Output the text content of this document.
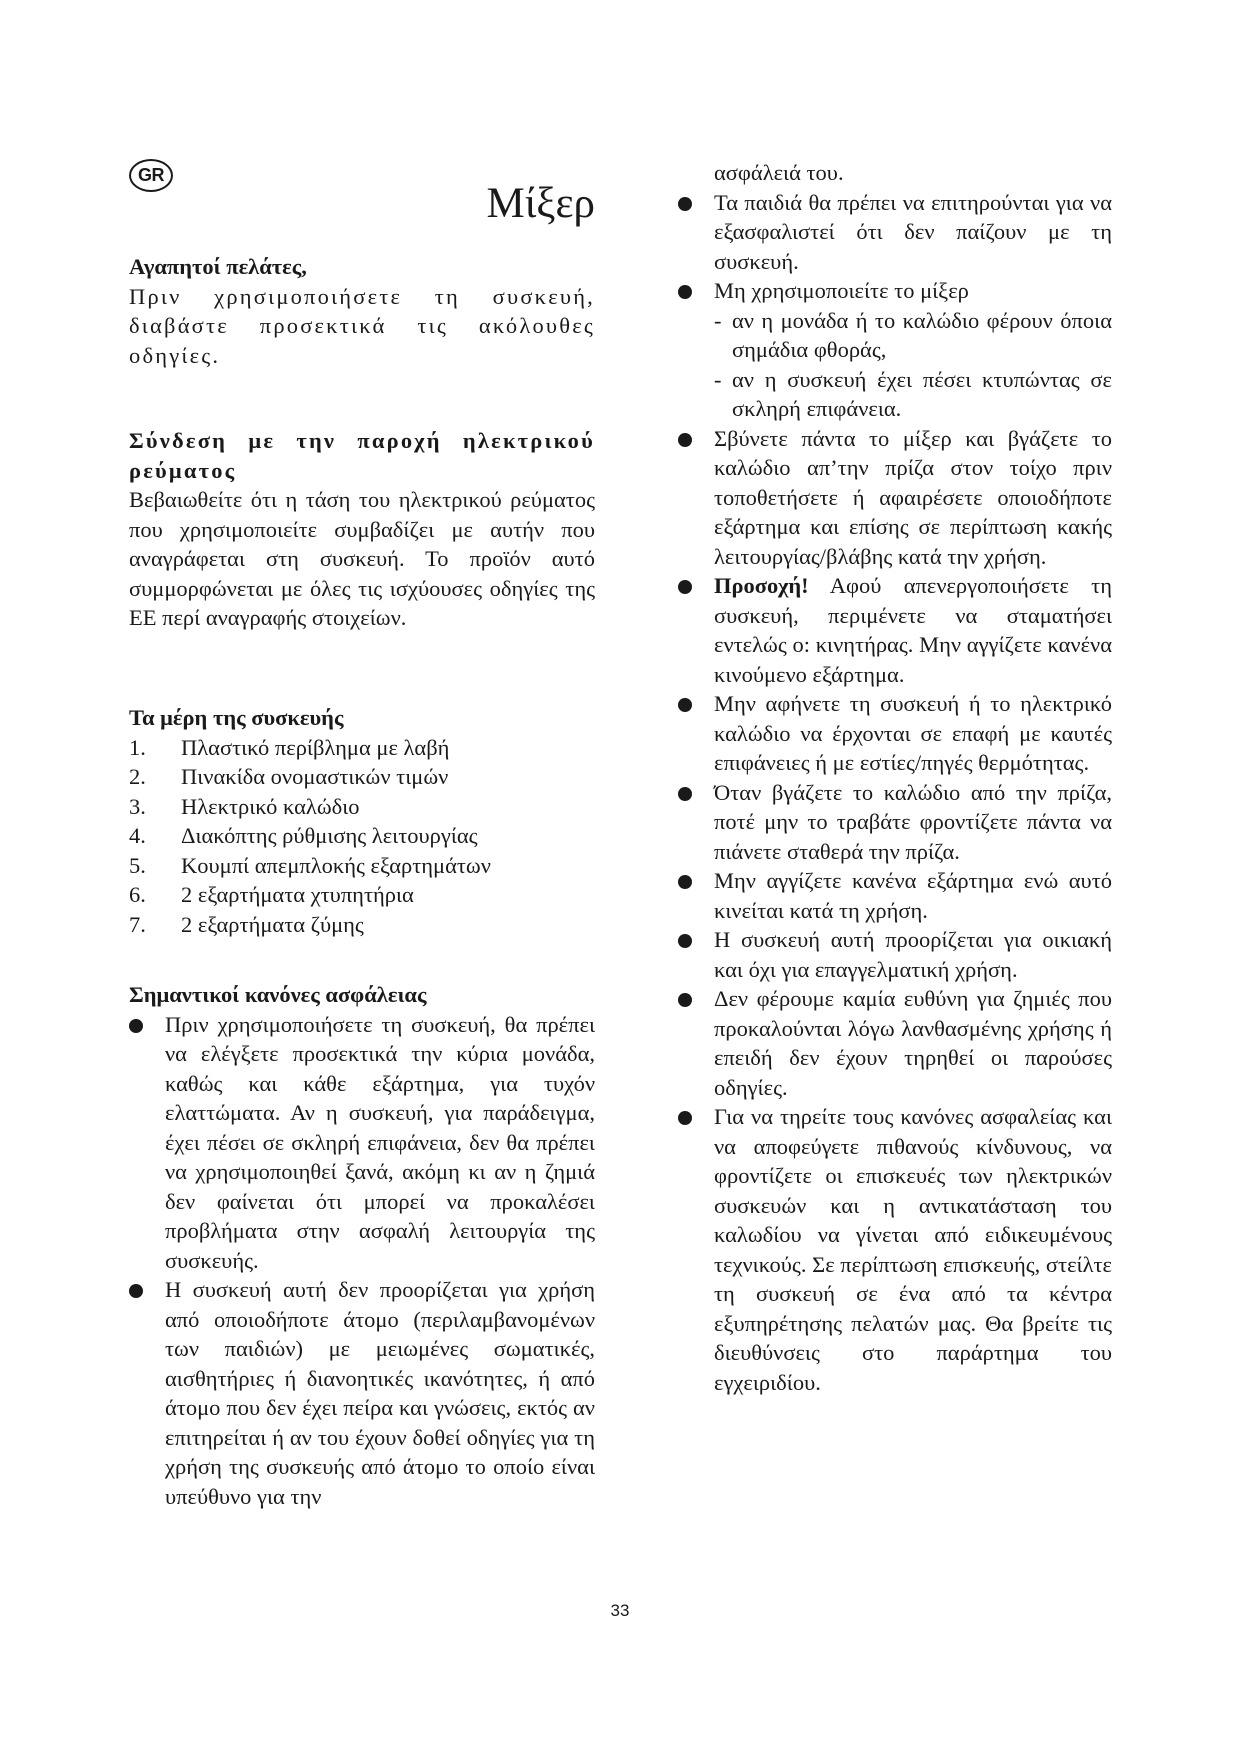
GR
Μίξερ

Αγαπητοί πελάτες,

Πριν χρησιμοποιήσετε τη συσκευή, διαβάστε προσεκτικά τις ακόλουθες οδηγίες.

Σύνδεση με την παροχή ηλεκτρικού ρεύματος

Βεβαιωθείτε ότι η τάση του ηλεκτρικού ρεύματος που χρησιμοποιείτε συμβαδίζει με αυτήν που αναγράφεται στη συσκευή. Το προϊόν αυτό συμμορφώνεται με όλες τις ισχύουσες οδηγίες της ΕΕ περί αναγραφής στοιχείων.

Τα μέρη της συσκευής

1. Πλαστικό περίβλημα με λαβή
2. Πινακίδα ονομαστικών τιμών
3. Ηλεκτρικό καλώδιο
4. Διακόπτης ρύθμισης λειτουργίας
5. Κουμπί απεμπλοκής εξαρτημάτων
6. 2 εξαρτήματα χτυπητήρια
7. 2 εξαρτήματα ζύμης

Σημαντικοί κανόνες ασφάλειας

Πριν χρησιμοποιήσετε τη συσκευή, θα πρέπει να ελέγξετε προσεκτικά την κύρια μονάδα, καθώς και κάθε εξάρτημα, για τυχόν ελαττώματα. Αν η συσκευή, για παράδειγμα, έχει πέσει σε σκληρή επιφάνεια, δεν θα πρέπει να χρησιμοποιηθεί ξανά, ακόμη κι αν η ζημιά δεν φαίνεται ότι μπορεί να προκαλέσει προβλήματα στην ασφαλή λειτουργία της συσκευής.
Η συσκευή αυτή δεν προορίζεται για χρήση από οποιοδήποτε άτομο (περιλαμβανομένων των παιδιών) με μειωμένες σωματικές, αισθητήριες ή διανοητικές ικανότητες, ή από άτομο που δεν έχει πείρα και γνώσεις, εκτός αν επιτηρείται ή αν του έχουν δοθεί οδηγίες για τη χρήση της συσκευής από άτομο το οποίο είναι υπεύθυνο για την
ασφάλειά του.
Τα παιδιά θα πρέπει να επιτηρούνται για να εξασφαλιστεί ότι δεν παίζουν με τη συσκευή.
Μη χρησιμοποιείτε το μίξερ
- αν η μονάδα ή το καλώδιο φέρουν όποια σημάδια φθοράς,
- αν η συσκευή έχει πέσει κτυπώντας σε σκληρή επιφάνεια.
Σβύνετε πάντα το μίξερ και βγάζετε το καλώδιο απ’την πρίζα στον τοίχο πριν τοποθετήσετε ή αφαιρέσετε οποιοδήποτε εξάρτημα και επίσης σε περίπτωση κακής λειτουργίας/βλάβης κατά την χρήση.
Προσοχή! Αφού απενεργοποιήσετε τη συσκευή, περιμένετε να σταματήσει εντελώς ο: κινητήρας. Μην αγγίζετε κανένα κινούμενο εξάρτημα.
Μην αφήνετε τη συσκευή ή το ηλεκτρικό καλώδιο να έρχονται σε επαφή με καυτές επιφάνειες ή με εστίες/πηγές θερμότητας.
Όταν βγάζετε το καλώδιο από την πρίζα, ποτέ μην το τραβάτε φροντίζετε πάντα να πιάνετε σταθερά την πρίζα.
Μην αγγίζετε κανένα εξάρτημα ενώ αυτό κινείται κατά τη χρήση.
Η συσκευή αυτή προορίζεται για οικιακή και όχι για επαγγελματική χρήση.
Δεν φέρουμε καμία ευθύνη για ζημιές που προκαλούνται λόγω λανθασμένης χρήσης ή επειδή δεν έχουν τηρηθεί οι παρούσες οδηγίες.
Για να τηρείτε τους κανόνες ασφαλείας και να αποφεύγετε πιθανούς κίνδυνους, να φροντίζετε οι επισκευές των ηλεκτρικών συσκευών και η αντικατάσταση του καλωδίου να γίνεται από ειδικευμένους τεχνικούς. Σε περίπτωση επισκευής, στείλτε τη συσκευή σε ένα από τα κέντρα εξυπηρέτησης πελατών μας. Θα βρείτε τις διευθύνσεις στο παράρτημα του εγχειριδίου.
33
